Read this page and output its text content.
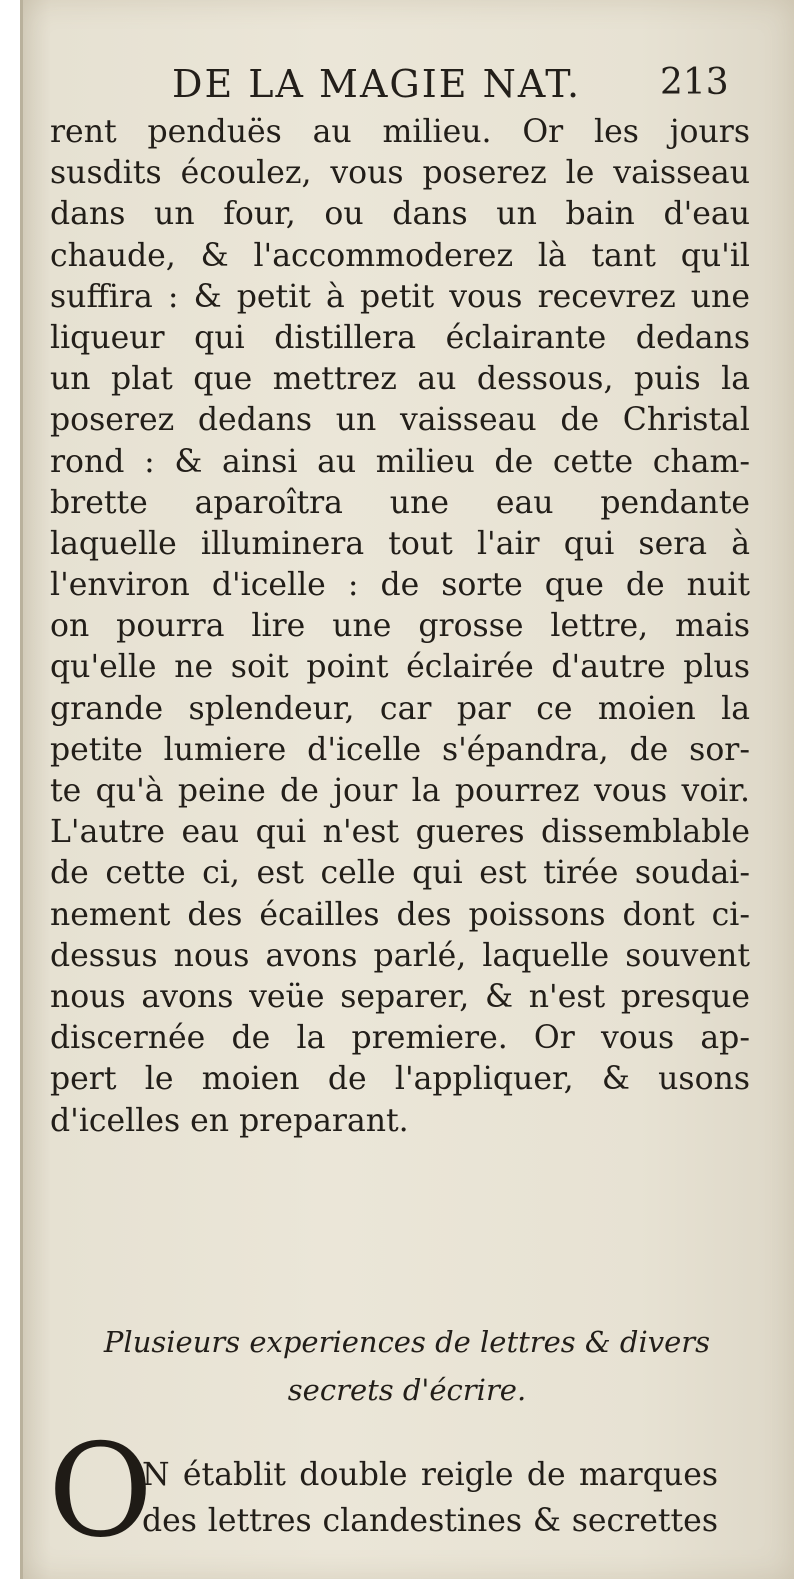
DE LA MAGIE NAT. 213
rent penduës au milieu. Or les jours
susdits écoulez, vous poserez le vaisseau
dans un four, ou dans un bain d'eau
chaude, & l'accommoderez là tant qu'il
suffira : & petit à petit vous recevrez une
liqueur qui distillera éclairante dedans
un plat que mettrez au dessous, puis la
poserez dedans un vaisseau de Christal
rond : & ainsi au milieu de cette cham-
brette aparoîtra une eau pendante
laquelle illuminera tout l'air qui sera à
l'environ d'icelle : de sorte que de nuit
on pourra lire une grosse lettre, mais
qu'elle ne soit point éclairée d'autre plus
grande splendeur, car par ce moien la
petite lumiere d'icelle s'épandra, de sor-
te qu'à peine de jour la pourrez vous voir.
L'autre eau qui n'est gueres dissemblable
de cette ci, est celle qui est tirée soudai-
nement des écailles des poissons dont ci-
dessus nous avons parlé, laquelle souvent
nous avons veüe separer, & n'est presque
discernée de la premiere. Or vous ap-
pert le moien de l'appliquer, & usons
d'icelles en preparant.
Plusieurs experiences de lettres & divers
secrets d'écrire.
O
N établit double reigle de marques
des lettres clandestines & secrettes
